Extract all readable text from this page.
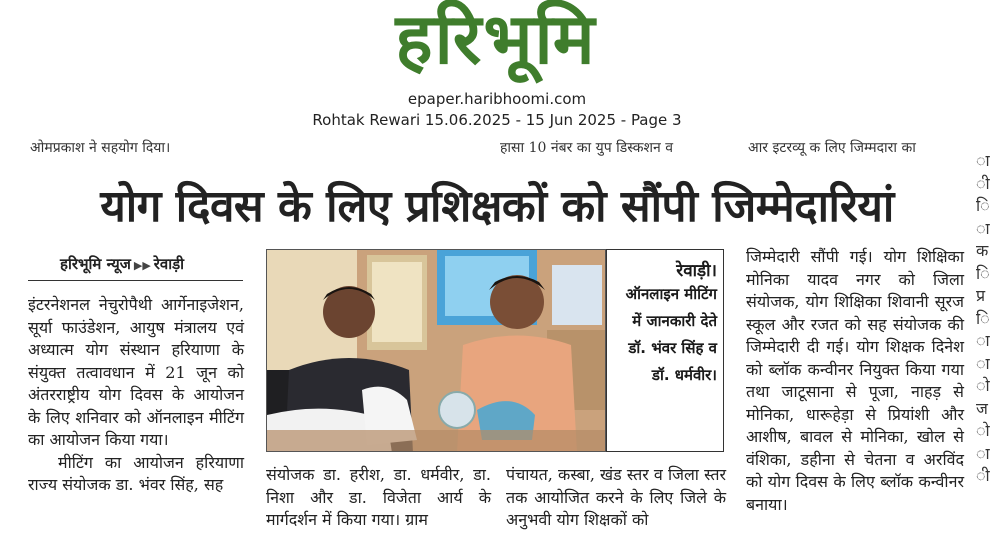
हरिभूमि
epaper.haribhoomi.com
Rohtak Rewari 15.06.2025 - 15 Jun 2025 - Page 3
ओमप्रकाश ने सहयोग दिया।	हासा 10 नंबर का युप डिस्कशन व	आर इटरव्यू क लिए जिम्मदारा का
योग दिवस के लिए प्रशिक्षकों को सौंपी जिम्मेदारियां
हरिभूमि न्यूज ▶▶ रेवाड़ी

इंटरनेशनल नेचुरोपैथी आर्गेनाइजेशन, सूर्या फाउंडेशन, आयुष मंत्रालय एवं अध्यात्म योग संस्थान हरियाणा के संयुक्त तत्वावधान में 21 जून को अंतरराष्ट्रीय योग दिवस के आयोजन के लिए शनिवार को ऑनलाइन मीटिंग का आयोजन किया गया।

मीटिंग का आयोजन हरियाणा राज्य संयोजक डा. भंवर सिंह, सह

रेवाड़ी।
ऑनलाइन मीटिंग में जानकारी देते डॉ. भंवर सिंह व डॉ. धर्मवीर।
संयोजक डा. हरीश, डा. धर्मवीर, डा. निशा और डा. विजेता आर्य के मार्गदर्शन में किया गया। ग्राम
पंचायत, कस्बा, खंड स्तर व जिला स्तर तक आयोजित करने के लिए जिले के अनुभवी योग शिक्षकों को
जिम्मेदारी सौंपी गई। योग शिक्षिका मोनिका यादव नगर को जिला संयोजक, योग शिक्षिका शिवानी सूरज स्कूल और रजत को सह संयोजक की जिम्मेदारी दी गई। योग शिक्षक दिनेश को ब्लॉक कन्वीनर नियुक्त किया गया तथा जाटूसाना से पूजा, नाहड़ से मोनिका, धारूहेड़ा से प्रियांशी और आशीष, बावल से मोनिका, खोल से वंशिका, डहीना से चेतना व अरविंद को योग दिवस के लिए ब्लॉक कन्वीनर बनाया।
ा
ी
ि
ा
क
ि
प्र
ि
ा
ा
ो
ज
ो
ा
ी
